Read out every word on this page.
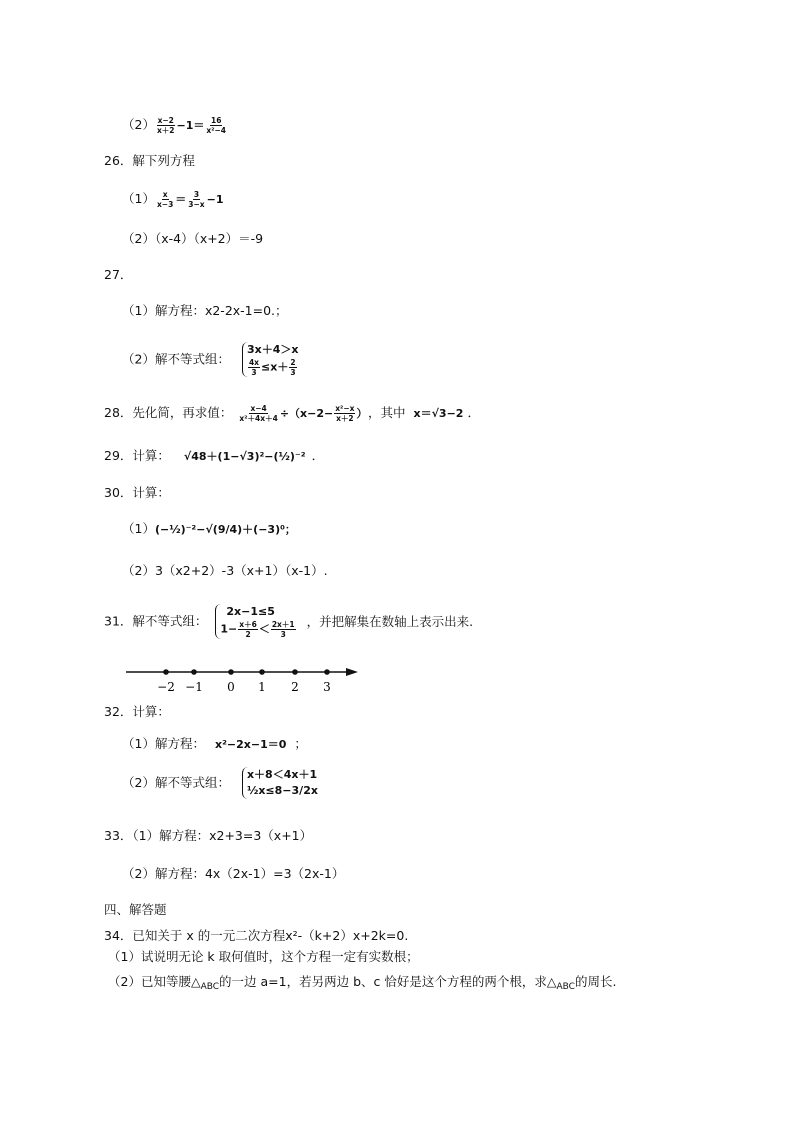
$(2) \frac{x-2}{x+2} -1= \frac{16}{\text{x²−4}}$
26．解下列方程
$(1) \frac{x}{x-3} = \frac{3}{3-x} -1$
（2）（x-4）（x+2）＝-9
27．
（1）解方程：x2-2x-1=0.；
（2）解不等式组：
3x＋4＞x
$\frac{4x}{3} \le x+ \frac{2}{3}$
28．先化简，再求值： $\frac{x-4}{\text{x²＋4x＋4}} \div(x-2- \frac{\text{x²−x}}{x+2}$ ） ，其中 x＝√3−2 ．
29．计算： √48＋(1−√3)²−(½)⁻² ．
30．计算：
（1）(−½)⁻²−√(9/4)＋(−3)⁰；
（2）3（x2+2）-3（x+1）（x-1）.
31．解不等式组：
2x−1≤5
$1- \frac{x+6}{2} < \frac{2x+1}{3}$ ，并把解集在数轴上表示出来.
−2 −1 0 1 2 3
32．计算：
（1）解方程： x²−2x−1＝0 ；
（2）解不等式组：
x＋8＜4x＋1
½x≤8−3/2x
33．（1）解方程：x2+3=3（x+1）
（2）解方程：4x（2x-1）=3（2x-1）
四、解答题
34．已知关于 x 的一元二次方程x²-（k+2）x+2k=0.
（1）试说明无论 k 取何值时，这个方程一定有实数根；
（2）已知等腰$\triangle_{ABC}$的一边 a=1，若另两边 b、c 恰好是这个方程的两个根，求$\triangle_{ABC}$的周长.
